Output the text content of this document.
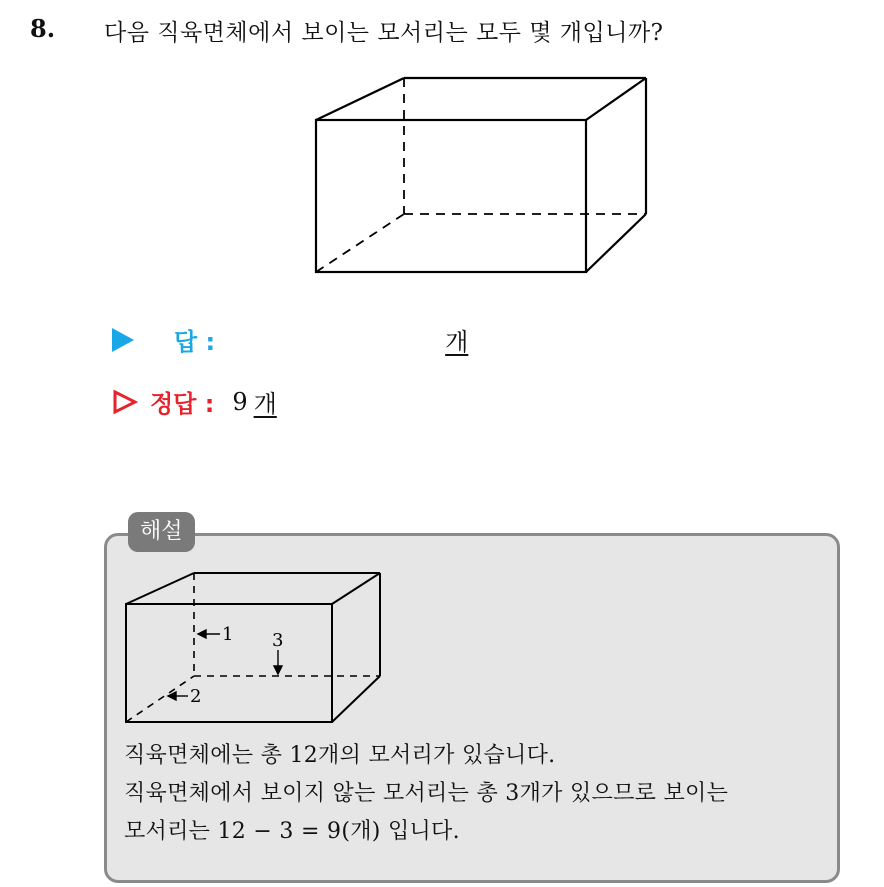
8. 다음 직육면체에서 보이는 모서리는 모두 몇 개입니까?
답 :	개
정답 : 9 개
해설
1 3
2
직육면체에는 총 12개의 모서리가 있습니다.
직육면체에서 보이지 않는 모서리는 총 3개가 있으므로 보이는
모서리는 12 − 3 = 9(개) 입니다.
